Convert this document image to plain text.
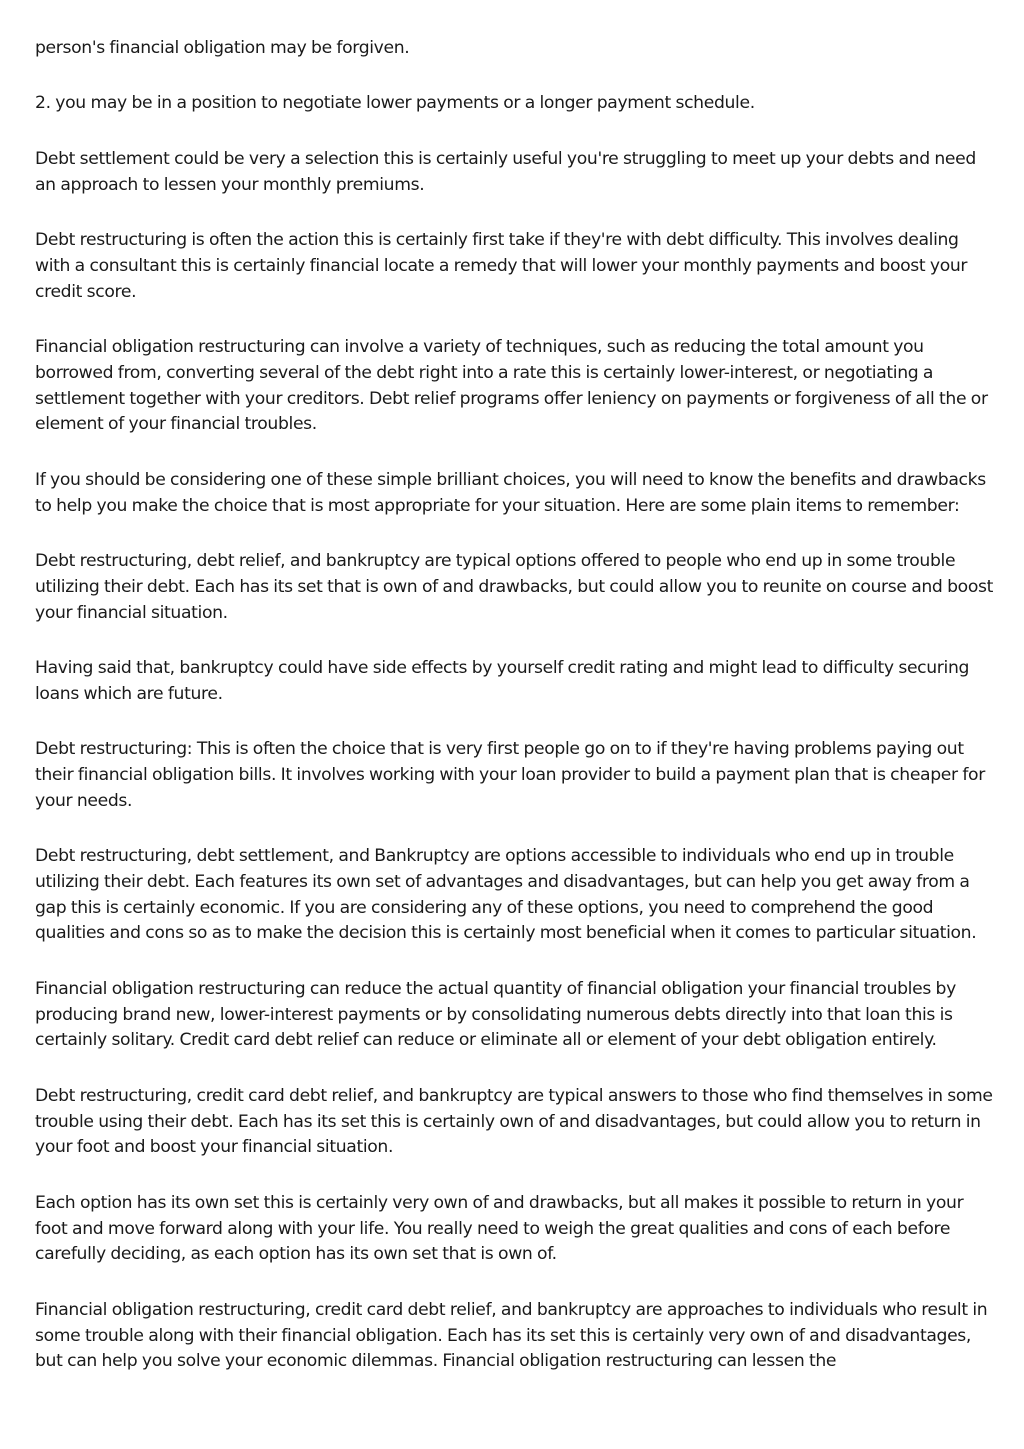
person's financial obligation may be forgiven.

2. you may be in a position to negotiate lower payments or a longer payment schedule.

Debt settlement could be very a selection this is certainly useful you're struggling to meet up your debts and need an approach to lessen your monthly premiums.

Debt restructuring is often the action this is certainly first take if they're with debt difficulty. This involves dealing with a consultant this is certainly financial locate a remedy that will lower your monthly payments and boost your credit score.

Financial obligation restructuring can involve a variety of techniques, such as reducing the total amount you borrowed from, converting several of the debt right into a rate this is certainly lower-interest, or negotiating a settlement together with your creditors. Debt relief programs offer leniency on payments or forgiveness of all the or element of your financial troubles.

If you should be considering one of these simple brilliant choices, you will need to know the benefits and drawbacks to help you make the choice that is most appropriate for your situation. Here are some plain items to remember:

Debt restructuring, debt relief, and bankruptcy are typical options offered to people who end up in some trouble utilizing their debt. Each has its set that is own of and drawbacks, but could allow you to reunite on course and boost your financial situation.

Having said that, bankruptcy could have side effects by yourself credit rating and might lead to difficulty securing loans which are future.

Debt restructuring: This is often the choice that is very first people go on to if they're having problems paying out their financial obligation bills. It involves working with your loan provider to build a payment plan that is cheaper for your needs.

Debt restructuring, debt settlement, and Bankruptcy are options accessible to individuals who end up in trouble utilizing their debt. Each features its own set of advantages and disadvantages, but can help you get away from a gap this is certainly economic. If you are considering any of these options, you need to comprehend the good qualities and cons so as to make the decision this is certainly most beneficial when it comes to particular situation.

Financial obligation restructuring can reduce the actual quantity of financial obligation your financial troubles by producing brand new, lower-interest payments or by consolidating numerous debts directly into that loan this is certainly solitary. Credit card debt relief can reduce or eliminate all or element of your debt obligation entirely.

Debt restructuring, credit card debt relief, and bankruptcy are typical answers to those who find themselves in some trouble using their debt. Each has its set this is certainly own of and disadvantages, but could allow you to return in your foot and boost your financial situation.

Each option has its own set this is certainly very own of and drawbacks, but all makes it possible to return in your foot and move forward along with your life. You really need to weigh the great qualities and cons of each before carefully deciding, as each option has its own set that is own of.

Financial obligation restructuring, credit card debt relief, and bankruptcy are approaches to individuals who result in some trouble along with their financial obligation. Each has its set this is certainly very own of and disadvantages, but can help you solve your economic dilemmas. Financial obligation restructuring can lessen the
